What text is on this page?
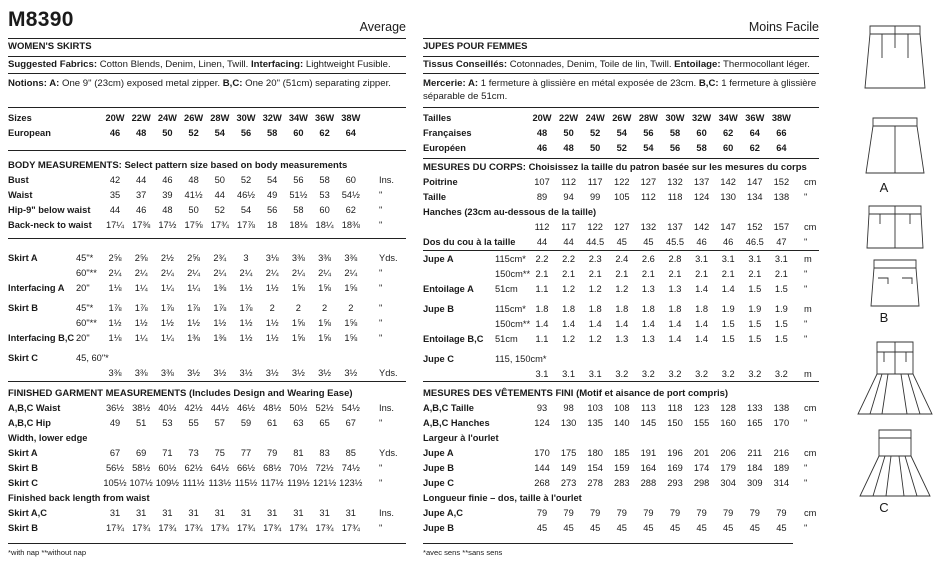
M8390	Average
WOMEN'S SKIRTS
Suggested Fabrics: Cotton Blends, Denim, Linen, Twill. Interfacing: Lightweight Fusible.
Notions: A: One 9" (23cm) exposed metal zipper. B,C: One 20" (51cm) separating zipper.
Sizes	20W 22W 24W 26W 28W 30W 32W 34W 36W 38W
European	46	48	50	52	54	56	58	60	62	64
BODY MEASUREMENTS: Select pattern size based on body measurements
Bust	42	44	46	48	50	52	54	56	58	60	Ins.
Waist	35	37	39	41½	44	46½	49	51½	53	54½	"
Hip-9" below waist	44	46	48	50	52	54	56	58	60	62	"
Back-neck to waist	17¼ 17⅜ 17½ 17⅝ 17¾ 17⅞	18	18⅛ 18¼ 18⅜	"
Skirt A	45"*	2⅝	2⅝	2½	2⅝	2¾	3	3⅛	3⅜	3⅜	3⅜	Yds.
60"**	2¼	2¼	2¼	2¼	2¼	2¼	2¼	2¼	2¼	2¼	"
Interfacing A 20"	1⅛	1¼	1¼	1¼	1⅜	1½	1½	1⅝	1⅝	1⅝	"
Skirt B	45"*	1⅞	1⅞	1⅞	1⅞	1⅞	1⅞	2	2	2	2	"
60"**	1½	1½	1½	1½	1½	1½	1½	1⅝	1⅝	1⅝	"
Interfacing B,C 20"	1⅛	1¼	1¼	1⅜	1⅜	1½	1½	1⅝	1⅝	1⅝	"
Skirt C	45, 60"*
3⅜	3⅜	3⅜	3½	3½	3½	3½	3½	3½	3½	Yds.
FINISHED GARMENT MEASUREMENTS (Includes Design and Wearing Ease)
A,B,C Waist	36½ 38½ 40½ 42½ 44½ 46½ 48½ 50½ 52½ 54½	Ins.
A,B,C Hip	49	51	53	55	57	59	61	63	65	67	"
Width, lower edge
Skirt A	67	69	71	73	75	77	79	81	83	85	Yds.
Skirt B	56½ 58½ 60½ 62½ 64½ 66½ 68½ 70½ 72½ 74½	"
Skirt C	105½ 107½ 109½ 111½ 113½ 115½ 117½ 119½ 121½ 123½	"
Finished back length from waist
Skirt A,C	31	31	31	31	31	31	31	31	31	31	Ins.
Skirt B	17¾ 17¾ 17¾ 17¾ 17¾ 17¾ 17¾ 17¾ 17¾ 17¾	"
*with nap **without nap
Moins Facile
JUPES POUR FEMMES
Tissus Conseillés: Cotonnades, Denim, Toile de lin, Twill. Entoilage: Thermocollant léger.
Mercerie: A: 1 fermeture à glissière en métal exposée de 23cm. B,C: 1 fermeture à glissière séparable de 51cm.
Tailles	20W 22W 24W 26W 28W 30W 32W 34W 36W 38W
Françaises	48	50	52	54	56	58	60	62	64	66
Européen	46	48	50	52	54	56	58	60	62	64
MESURES DU CORPS: Choisissez la taille du patron basée sur les mesures du corps
Poitrine	107	112	117	122	127	132	137	142	147	152	cm
Taille	89	94	99	105	112	118	124	130	134	138	"
Hanches (23cm au-dessous de la taille)
112	117	122	127	132	137	142	147	152	157	cm
Dos du cou à la taille	44	44	44.5	45	45	45.5	46	46	46.5	47	"
Jupe A	115cm*	2.2	2.2	2.3	2.4	2.6	2.8	3.1	3.1	3.1	3.1	m
150cm** 2.1	2.1	2.1	2.1	2.1	2.1	2.1	2.1	2.1	2.1	"
Entoilage A 51cm	1.1	1.2	1.2	1.2	1.3	1.3	1.4	1.4	1.5	1.5	"
Jupe B	115cm*	1.8	1.8	1.8	1.8	1.8	1.8	1.8	1.9	1.9	1.9	m
150cm** 1.4	1.4	1.4	1.4	1.4	1.4	1.4	1.5	1.5	1.5	"
Entoilage B,C 51cm	1.1	1.2	1.2	1.3	1.3	1.4	1.4	1.5	1.5	1.5	"
Jupe C	115, 150cm*
3.1	3.1	3.1	3.2	3.2	3.2	3.2	3.2	3.2	3.2	m
MESURES DES VÊTEMENTS FINI (Motif et aisance de port compris)
A,B,C Taille	93	98	103	108	113	118	123	128	133	138	cm
A,B,C Hanches	124	130	135	140	145	150	155	160	165	170	"
Largeur à l'ourlet
Jupe A	170	175	180	185	191	196	201	206	211	216	cm
Jupe B	144	149	154	159	164	169	174	179	184	189	"
Jupe C	268	273	278	283	288	293	298	304	309	314	"
Longueur finie – dos, taille à l'ourlet
Jupe A,C	79	79	79	79	79	79	79	79	79	79	cm
Jupe B	45	45	45	45	45	45	45	45	45	45	"
*avec sens **sans sens
A
B
C
